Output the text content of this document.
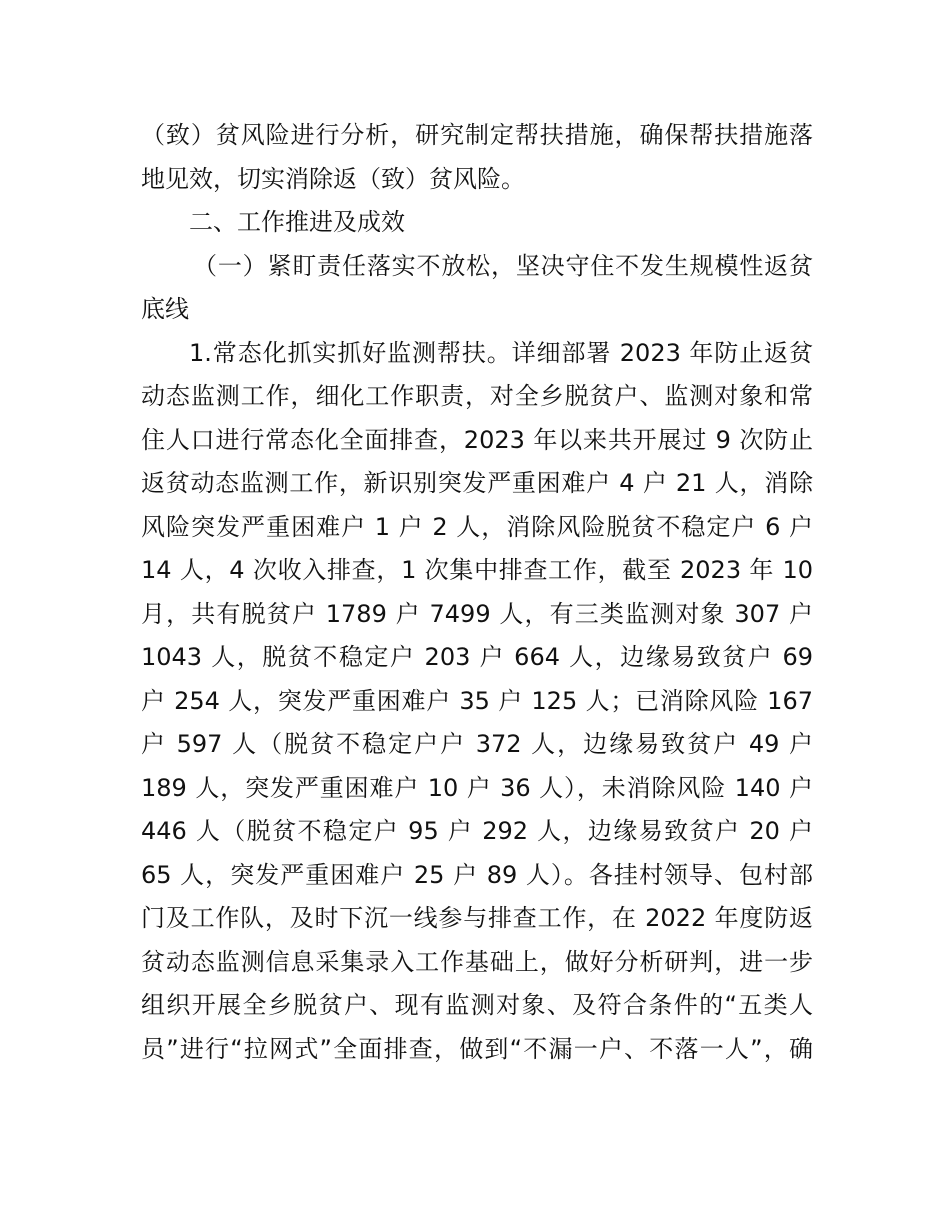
（致）贫风险进行分析，研究制定帮扶措施，确保帮扶措施落
地见效，切实消除返（致）贫风险。
二、工作推进及成效
（一）紧盯责任落实不放松，坚决守住不发生规模性返贫
底线
1.常态化抓实抓好监测帮扶。详细部署 2023 年防止返贫
动态监测工作，细化工作职责，对全乡脱贫户、监测对象和常
住人口进行常态化全面排查，2023 年以来共开展过 9 次防止
返贫动态监测工作，新识别突发严重困难户 4 户 21 人，消除
风险突发严重困难户 1 户 2 人，消除风险脱贫不稳定户 6 户
14 人，4 次收入排查，1 次集中排查工作，截至 2023 年 10
月，共有脱贫户 1789 户 7499 人，有三类监测对象 307 户
1043 人，脱贫不稳定户 203 户 664 人，边缘易致贫户 69
户 254 人，突发严重困难户 35 户 125 人；已消除风险 167
户 597 人（脱贫不稳定户户 372 人，边缘易致贫户 49 户
189 人，突发严重困难户 10 户 36 人），未消除风险 140 户
446 人（脱贫不稳定户 95 户 292 人，边缘易致贫户 20 户
65 人，突发严重困难户 25 户 89 人）。各挂村领导、包村部
门及工作队，及时下沉一线参与排查工作，在 2022 年度防返
贫动态监测信息采集录入工作基础上，做好分析研判，进一步
组织开展全乡脱贫户、现有监测对象、及符合条件的“五类人
员”进行“拉网式”全面排查，做到“不漏一户、不落一人”，确
